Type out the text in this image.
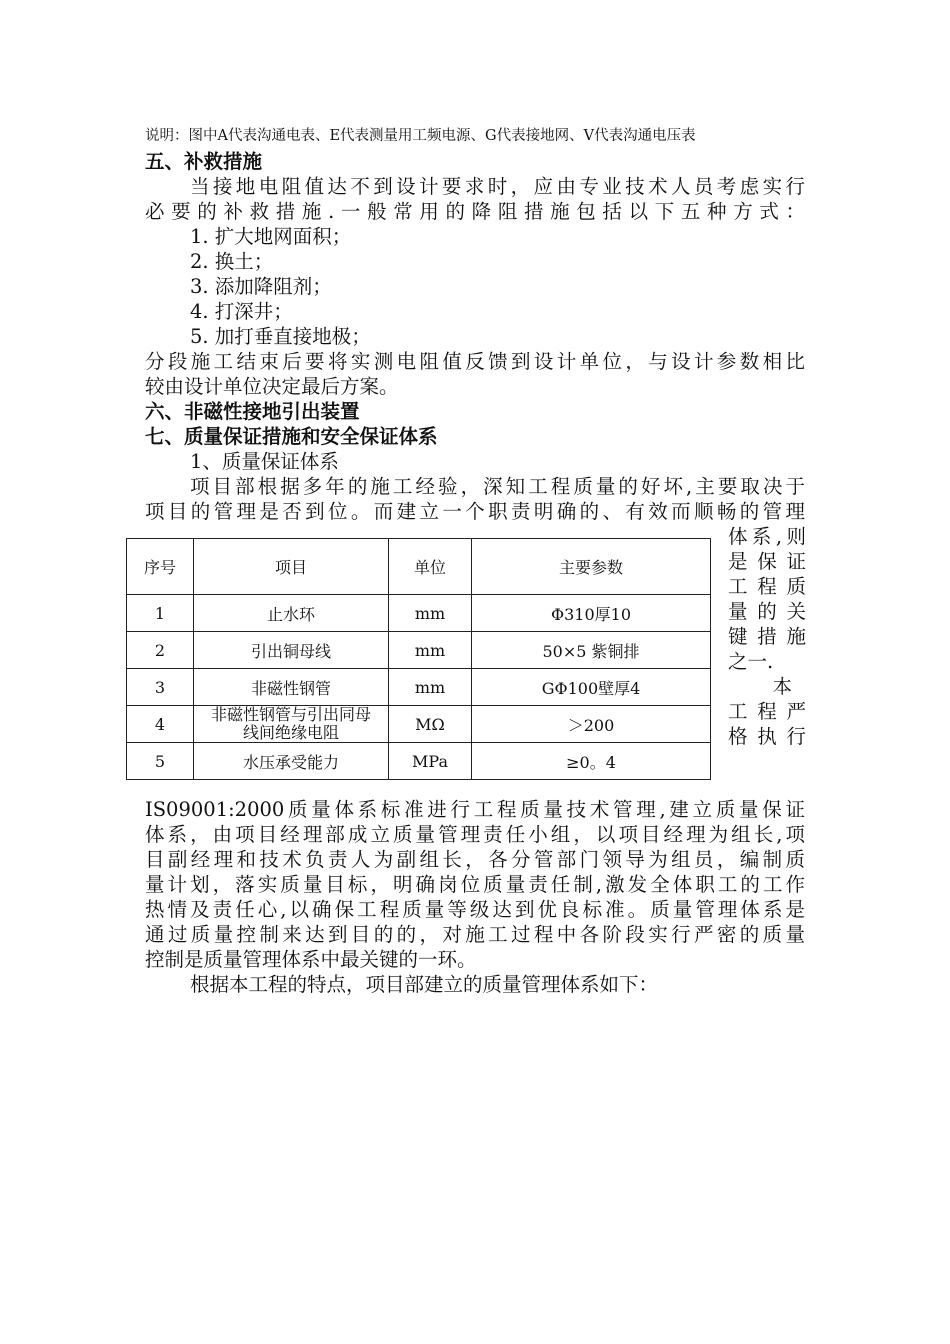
说明：图中A代表沟通电表、E代表测量用工频电源、G代表接地网、V代表沟通电压表
五、补救措施
当接地电阻值达不到设计要求时，应由专业技术人员考虑实行
必要的补救措施.一般常用的降阻措施包括以下五种方式：
1. 扩大地网面积；
2. 换土；
3. 添加降阻剂；
4. 打深井；
5. 加打垂直接地极；
分段施工结束后要将实测电阻值反馈到设计单位，与设计参数相比
较由设计单位决定最后方案。
六、非磁性接地引出装置
七、质量保证措施和安全保证体系
1、质量保证体系
项目部根据多年的施工经验，深知工程质量的好坏,主要取决于
项目的管理是否到位。而建立一个职责明确的、有效而顺畅的管理
体系,则
是保证
工程质
量的关
键措施
之一.
本
工程严
格执行
序号	项目	单位	主要参数
1	止水环	mm	Φ310厚10
2	引出铜母线	mm	50×5 紫铜排
3	非磁性钢管	mm	GΦ100壁厚4
4	非磁性钢管与引出同母线间绝缘电阻	MΩ	＞200
5	水压承受能力	MPa	≥0。4
IS09001:2000质量体系标准进行工程质量技术管理,建立质量保证
体系，由项目经理部成立质量管理责任小组，以项目经理为组长,项
目副经理和技术负责人为副组长，各分管部门领导为组员，编制质
量计划，落实质量目标，明确岗位质量责任制,激发全体职工的工作
热情及责任心,以确保工程质量等级达到优良标准。质量管理体系是
通过质量控制来达到目的的，对施工过程中各阶段实行严密的质量
控制是质量管理体系中最关键的一环。
根据本工程的特点，项目部建立的质量管理体系如下：
